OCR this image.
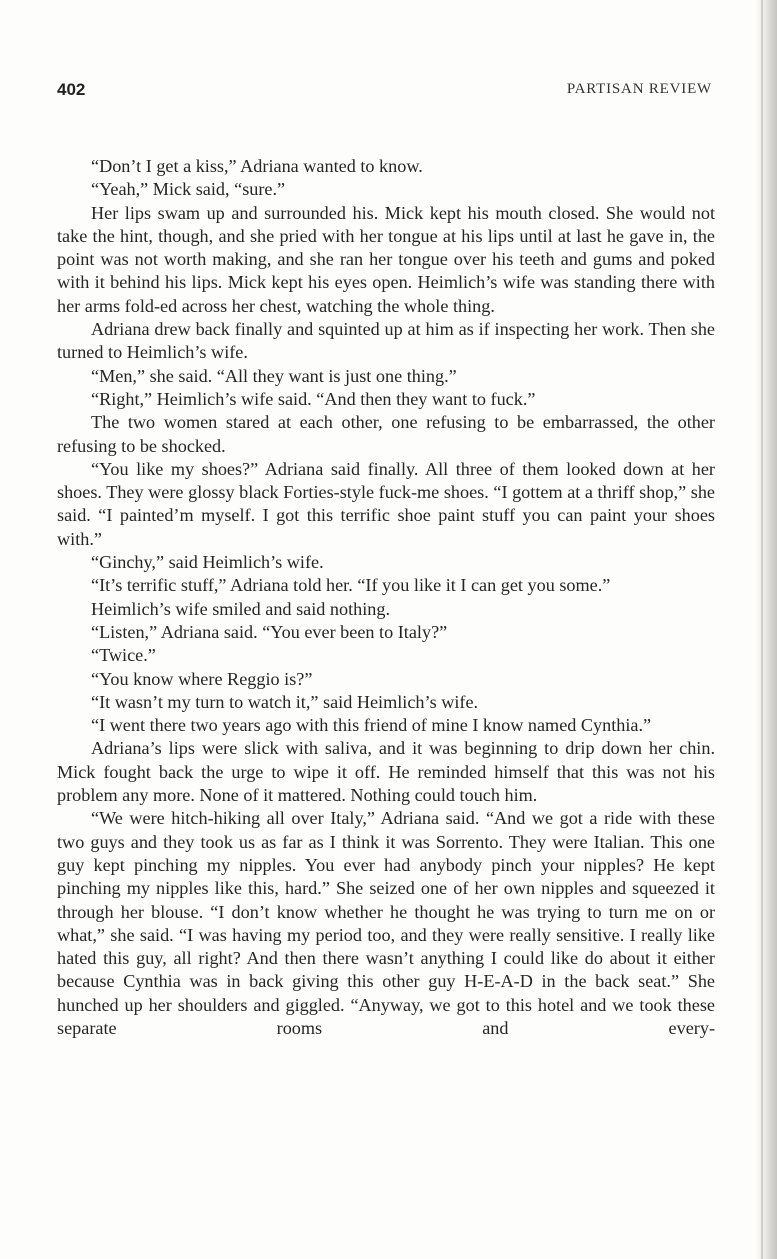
402	PARTISAN REVIEW

“Don’t I get a kiss,” Adriana wanted to know.

“Yeah,” Mick said, “sure.”

Her lips swam up and surrounded his. Mick kept his mouth closed. She would not take the hint, though, and she pried with her tongue at his lips until at last he gave in, the point was not worth making, and she ran her tongue over his teeth and gums and poked with it behind his lips. Mick kept his eyes open. Heimlich’s wife was standing there with her arms fold-ed across her chest, watching the whole thing.

Adriana drew back finally and squinted up at him as if inspecting her work. Then she turned to Heimlich’s wife.

“Men,” she said. “All they want is just one thing.”

“Right,” Heimlich’s wife said. “And then they want to fuck.”

The two women stared at each other, one refusing to be embarrassed, the other refusing to be shocked.

“You like my shoes?” Adriana said finally. All three of them looked down at her shoes. They were glossy black Forties-style fuck-me shoes. “I gottem at a thriff shop,” she said. “I painted’m myself. I got this terrific shoe paint stuff you can paint your shoes with.”

“Ginchy,” said Heimlich’s wife.

“It’s terrific stuff,” Adriana told her. “If you like it I can get you some.”

Heimlich’s wife smiled and said nothing.

“Listen,” Adriana said. “You ever been to Italy?”

“Twice.”

“You know where Reggio is?”

“It wasn’t my turn to watch it,” said Heimlich’s wife.

“I went there two years ago with this friend of mine I know named Cynthia.”

Adriana’s lips were slick with saliva, and it was beginning to drip down her chin. Mick fought back the urge to wipe it off. He reminded himself that this was not his problem any more. None of it mattered. Nothing could touch him.

“We were hitch-hiking all over Italy,” Adriana said. “And we got a ride with these two guys and they took us as far as I think it was Sorrento. They were Italian. This one guy kept pinching my nipples. You ever had anybody pinch your nipples? He kept pinching my nipples like this, hard.” She seized one of her own nipples and squeezed it through her blouse. “I don’t know whether he thought he was trying to turn me on or what,” she said. “I was having my period too, and they were really sensitive. I really like hated this guy, all right? And then there wasn’t anything I could like do about it either because Cynthia was in back giving this other guy H-E-A-D in the back seat.” She hunched up her shoulders and giggled. “Anyway, we got to this hotel and we took these separate rooms and every-
